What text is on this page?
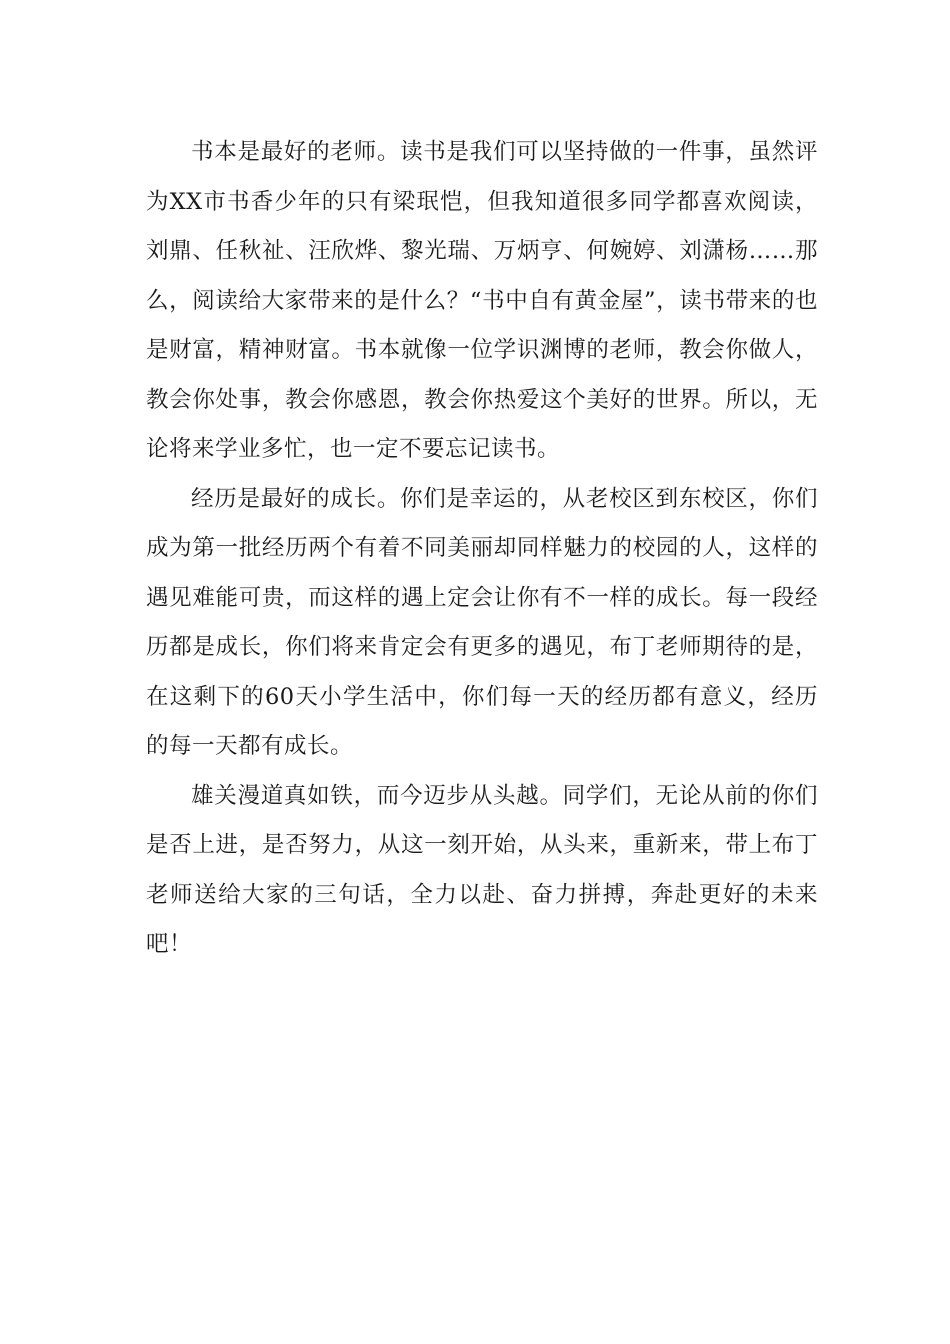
书本是最好的老师。读书是我们可以坚持做的一件事，虽然评为XX市书香少年的只有梁珉恺，但我知道很多同学都喜欢阅读，刘鼎、任秋祉、汪欣烨、黎光瑞、万炳亨、何婉婷、刘潇杨……那么，阅读给大家带来的是什么？“书中自有黄金屋”，读书带来的也是财富，精神财富。书本就像一位学识渊博的老师，教会你做人，教会你处事，教会你感恩，教会你热爱这个美好的世界。所以，无论将来学业多忙，也一定不要忘记读书。

经历是最好的成长。你们是幸运的，从老校区到东校区，你们成为第一批经历两个有着不同美丽却同样魅力的校园的人，这样的遇见难能可贵，而这样的遇上定会让你有不一样的成长。每一段经历都是成长，你们将来肯定会有更多的遇见，布丁老师期待的是，在这剩下的60天小学生活中，你们每一天的经历都有意义，经历的每一天都有成长。

雄关漫道真如铁，而今迈步从头越。同学们，无论从前的你们是否上进，是否努力，从这一刻开始，从头来，重新来，带上布丁老师送给大家的三句话，全力以赴、奋力拼搏，奔赴更好的未来吧！
